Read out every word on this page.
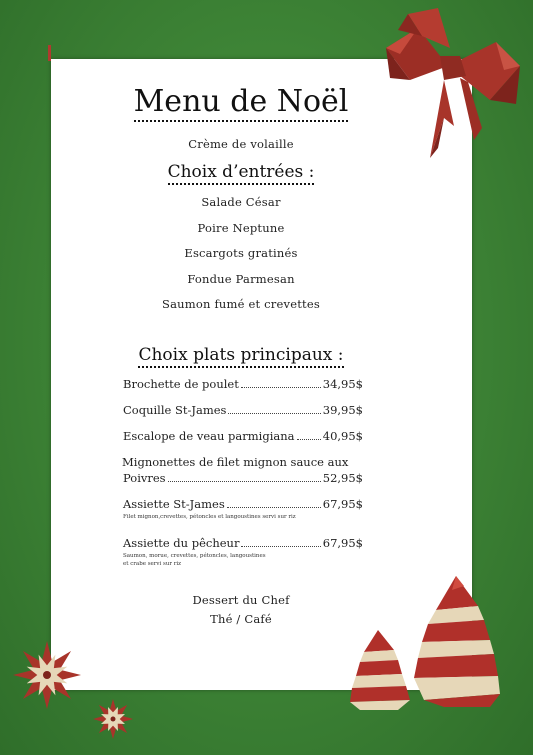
Menu de Noël
Crème de volaille
Choix d’entrées :
Salade César
Poire Neptune
Escargots gratinés
Fondue Parmesan
Saumon fumé et crevettes
Choix plats principaux :
Brochette de poulet	34,95$
Coquille St-James	39,95$
Escalope de veau parmigiana 40,95$
Mignonettes de filet mignon sauce aux
Poivres	52,95$
Assiette St-James	67,95$
Filet mignon,crevettes, pétoncles et langoustines servi sur riz
Assiette du pêcheur	67,95$
Saumon, morue, crevettes, pétoncles, langoustines
et crabe servi sur riz
Dessert du Chef
Thé / Café
